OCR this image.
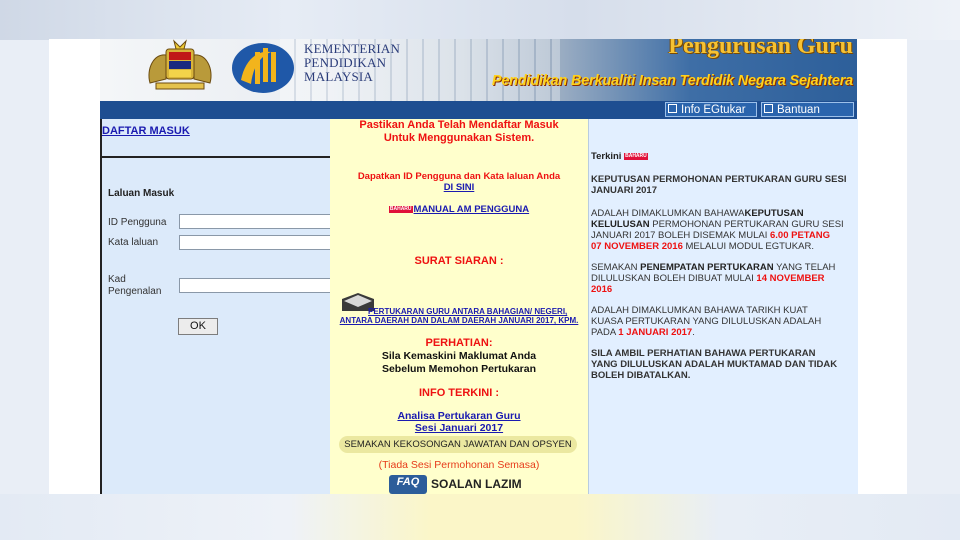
KEMENTERIAN
PENDIDIKAN
MALAYSIA
Pengurusan Guru
Pendidikan Berkualiti Insan Terdidik Negara Sejahtera
Info EGtukar	Bantuan
DAFTAR MASUK
Laluan Masuk
ID Pengguna
Kata laluan
Kad
Pengenalan
OK
Pastikan Anda Telah Mendaftar Masuk
Untuk Menggunakan Sistem.
Dapatkan ID Pengguna dan Kata laluan Anda
DI SINI
BAHARU MANUAL AM PENGGUNA
SURAT SIARAN :
PERTUKARAN GURU ANTARA BAHAGIAN/ NEGERI,
ANTARA DAERAH DAN DALAM DAERAH JANUARI 2017, KPM.
PERHATIAN:
Sila Kemaskini Maklumat Anda
Sebelum Memohon Pertukaran
INFO TERKINI :
Analisa Pertukaran Guru
Sesi Januari 2017
SEMAKAN KEKOSONGAN JAWATAN DAN OPSYEN
(Tiada Sesi Permohonan Semasa)
FAQ SOALAN LAZIM
Terkini BAHARU
KEPUTUSAN PERMOHONAN PERTUKARAN GURU SESI
JANUARI 2017
ADALAH DIMAKLUMKAN BAHAWAKEPUTUSAN
KELULUSAN PERMOHONAN PERTUKARAN GURU SESI
JANUARI 2017 BOLEH DISEMAK MULAI 6.00 PETANG
07 NOVEMBER 2016 MELALUI MODUL EGTUKAR.
SEMAKAN PENEMPATAN PERTUKARAN YANG TELAH
DILULUSKAN BOLEH DIBUAT MULAI 14 NOVEMBER
2016
ADALAH DIMAKLUMKAN BAHAWA TARIKH KUAT
KUASA PERTUKARAN YANG DILULUSKAN ADALAH
PADA 1 JANUARI 2017.
SILA AMBIL PERHATIAN BAHAWA PERTUKARAN
YANG DILULUSKAN ADALAH MUKTAMAD DAN TIDAK
BOLEH DIBATALKAN.
